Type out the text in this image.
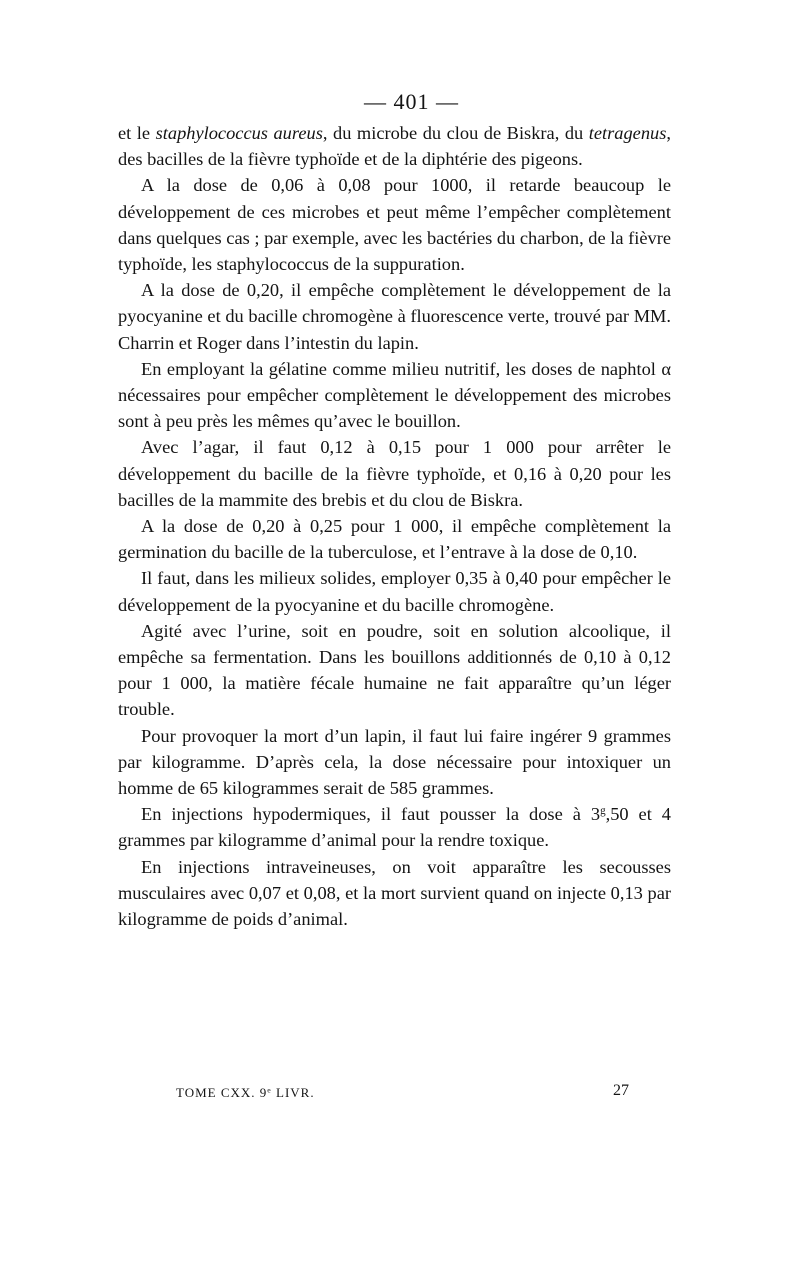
— 401 —

et le staphylococcus aureus, du microbe du clou de Biskra, du tetragenus, des bacilles de la fièvre typhoïde et de la diphtérie des pigeons.

A la dose de 0,06 à 0,08 pour 1000, il retarde beaucoup le développement de ces microbes et peut même l’empêcher complètement dans quelques cas ; par exemple, avec les bactéries du charbon, de la fièvre typhoïde, les staphylococcus de la suppuration.

A la dose de 0,20, il empêche complètement le développement de la pyocyanine et du bacille chromogène à fluorescence verte, trouvé par MM. Charrin et Roger dans l’intestin du lapin.

En employant la gélatine comme milieu nutritif, les doses de naphtol α nécessaires pour empêcher complètement le développement des microbes sont à peu près les mêmes qu’avec le bouillon.

Avec l’agar, il faut 0,12 à 0,15 pour 1 000 pour arrêter le développement du bacille de la fièvre typhoïde, et 0,16 à 0,20 pour les bacilles de la mammite des brebis et du clou de Biskra.

A la dose de 0,20 à 0,25 pour 1 000, il empêche complètement la germination du bacille de la tuberculose, et l’entrave à la dose de 0,10.

Il faut, dans les milieux solides, employer 0,35 à 0,40 pour empêcher le développement de la pyocyanine et du bacille chromogène.

Agité avec l’urine, soit en poudre, soit en solution alcoolique, il empêche sa fermentation. Dans les bouillons additionnés de 0,10 à 0,12 pour 1 000, la matière fécale humaine ne fait apparaître qu’un léger trouble.

Pour provoquer la mort d’un lapin, il faut lui faire ingérer 9 grammes par kilogramme. D’après cela, la dose nécessaire pour intoxiquer un homme de 65 kilogrammes serait de 585 grammes.

En injections hypodermiques, il faut pousser la dose à 3$^g$,50 et 4 grammes par kilogramme d’animal pour la rendre toxique.

En injections intraveineuses, on voit apparaître les secousses musculaires avec 0,07 et 0,08, et la mort survient quand on injecte 0,13 par kilogramme de poids d’animal.

TOME CXX. 9e LIVR.	27
